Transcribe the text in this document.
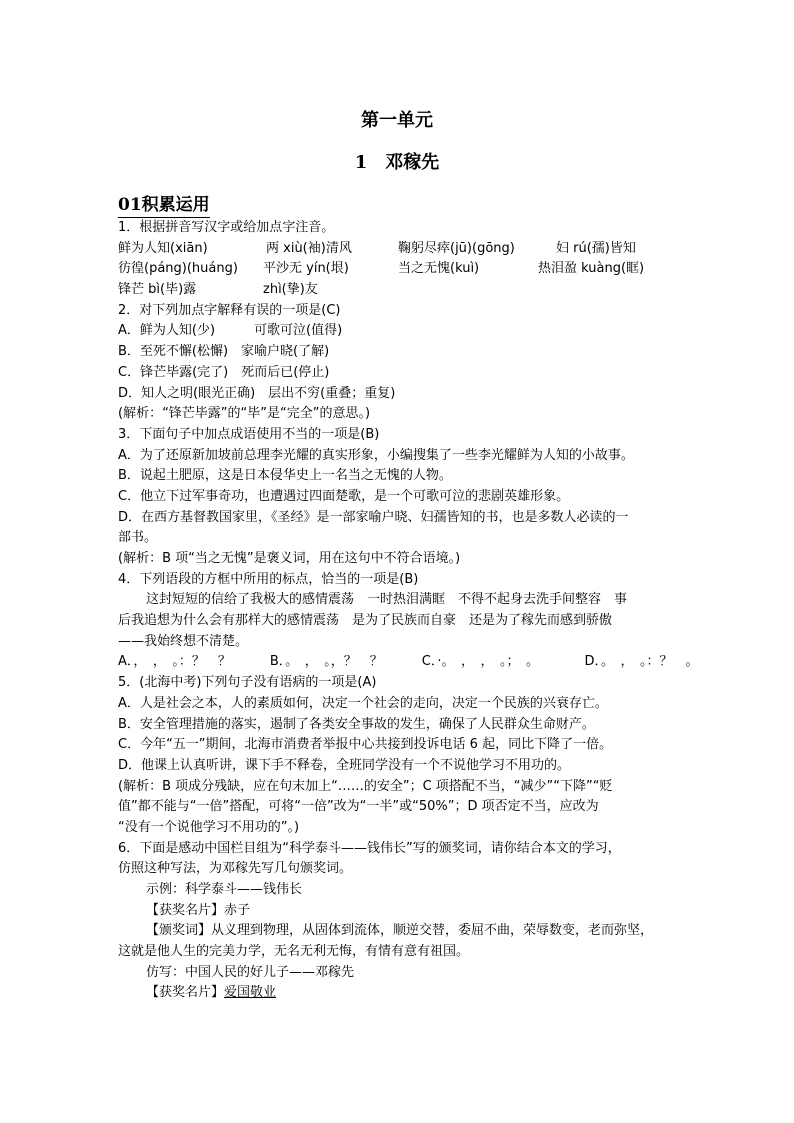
第一单元
1 邓稼先
01积累运用
1．根据拼音写汉字或给加点字注音。
鲜为人知(xiān)	两 xiù(袖)清风	鞠躬尽瘁(jū)(gōng)	妇 rú(孺)皆知
彷徨(páng)(huáng)	平沙无 yín(垠)	当之无愧(kuì)	热泪盈 kuàng(眶)
锋芒 bì(毕)露	zhì(挚)友
2．对下列加点字解释有误的一项是(C)
A．鲜为人知(少)　　　可歌可泣(值得)
B．至死不懈(松懈)　家喻户晓(了解)
C．锋芒毕露(完了)　死而后已(停止)
D．知人之明(眼光正确)　层出不穷(重叠；重复)
(解析：“锋芒毕露”的“毕”是“完全”的意思。)
3．下面句子中加点成语使用不当的一项是(B)
A．为了还原新加坡前总理李光耀的真实形象，小编搜集了一些李光耀鲜为人知的小故事。
B．说起土肥原，这是日本侵华史上一名当之无愧的人物。
C．他立下过军事奇功，也遭遇过四面楚歌，是一个可歌可泣的悲剧英雄形象。
D．在西方基督教国家里，《圣经》是一部家喻户晓、妇孺皆知的书，也是多数人必读的一
部书。
(解析：B 项“当之无愧”是褒义词，用在这句中不符合语境。)
4．下列语段的方框中所用的标点，恰当的一项是(B)
这封短短的信给了我极大的感情震荡　一时热泪满眶　不得不起身去洗手间整容　事
后我追想为什么会有那样大的感情震荡　是为了民族而自豪　还是为了稼先而感到骄傲
——我始终想不清楚。
A．，　，　。：？　？　　　B．。　，　。，？　？　　　C．·。　，　，　。；　。　　　　D．。　，　。：？　。
5．(北海中考)下列句子没有语病的一项是(A)
A．人是社会之本，人的素质如何，决定一个社会的走向，决定一个民族的兴衰存亡。
B．安全管理措施的落实，遏制了各类安全事故的发生，确保了人民群众生命财产。
C．今年“五一”期间，北海市消费者举报中心共接到投诉电话 6 起，同比下降了一倍。
D．他课上认真听讲，课下手不释卷，全班同学没有一个不说他学习不用功的。
(解析：B 项成分残缺，应在句末加上“……的安全”；C 项搭配不当，“减少”“下降”“贬
值”都不能与“一倍”搭配，可将“一倍”改为“一半”或“50%”；D 项否定不当，应改为
“没有一个说他学习不用功的”。)
6．下面是感动中国栏目组为“科学泰斗——钱伟长”写的颁奖词，请你结合本文的学习，
仿照这种写法，为邓稼先写几句颁奖词。
示例：科学泰斗——钱伟长
【获奖名片】赤子
【颁奖词】从义理到物理，从固体到流体，顺逆交替，委屈不曲，荣辱数变，老而弥坚，
这就是他人生的完美力学，无名无利无悔，有情有意有祖国。
仿写：中国人民的好儿子——邓稼先
【获奖名片】爱国敬业
